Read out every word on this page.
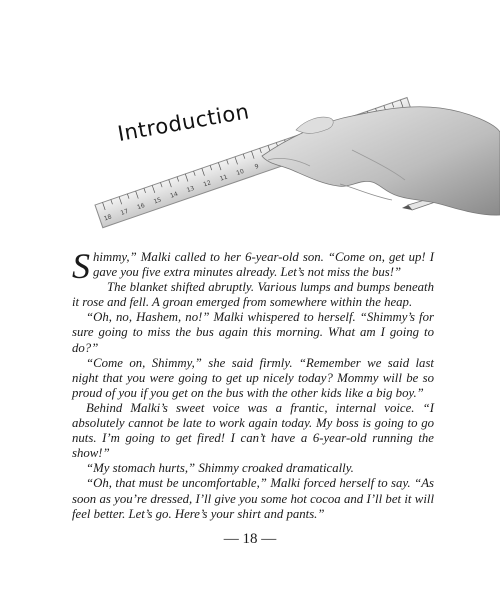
18
17
16
15
14
13
12
11
10
9
Introduction

Shimmy,” Malki called to her 6-year-old son. “Come on, get up! I gave you five extra minutes already. Let’s not miss the bus!”

The blanket shifted abruptly. Various lumps and bumps beneath it rose and fell. A groan emerged from somewhere within the heap.

“Oh, no, Hashem, no!” Malki whispered to herself. “Shimmy’s for sure going to miss the bus again this morning. What am I going to do?”

“Come on, Shimmy,” she said firmly. “Remember we said last night that you were going to get up nicely today? Mommy will be so proud of you if you get on the bus with the other kids like a big boy.”

Behind Malki’s sweet voice was a frantic, internal voice. “I absolutely cannot be late to work again today. My boss is going to go nuts. I’m going to get fired! I can’t have a 6-year-old running the show!”

“My stomach hurts,” Shimmy croaked dramatically.

“Oh, that must be uncomfortable,” Malki forced herself to say. “As soon as you’re dressed, I’ll give you some hot cocoa and I’ll bet it will feel better. Let’s go. Here’s your shirt and pants.”

— 18 —
